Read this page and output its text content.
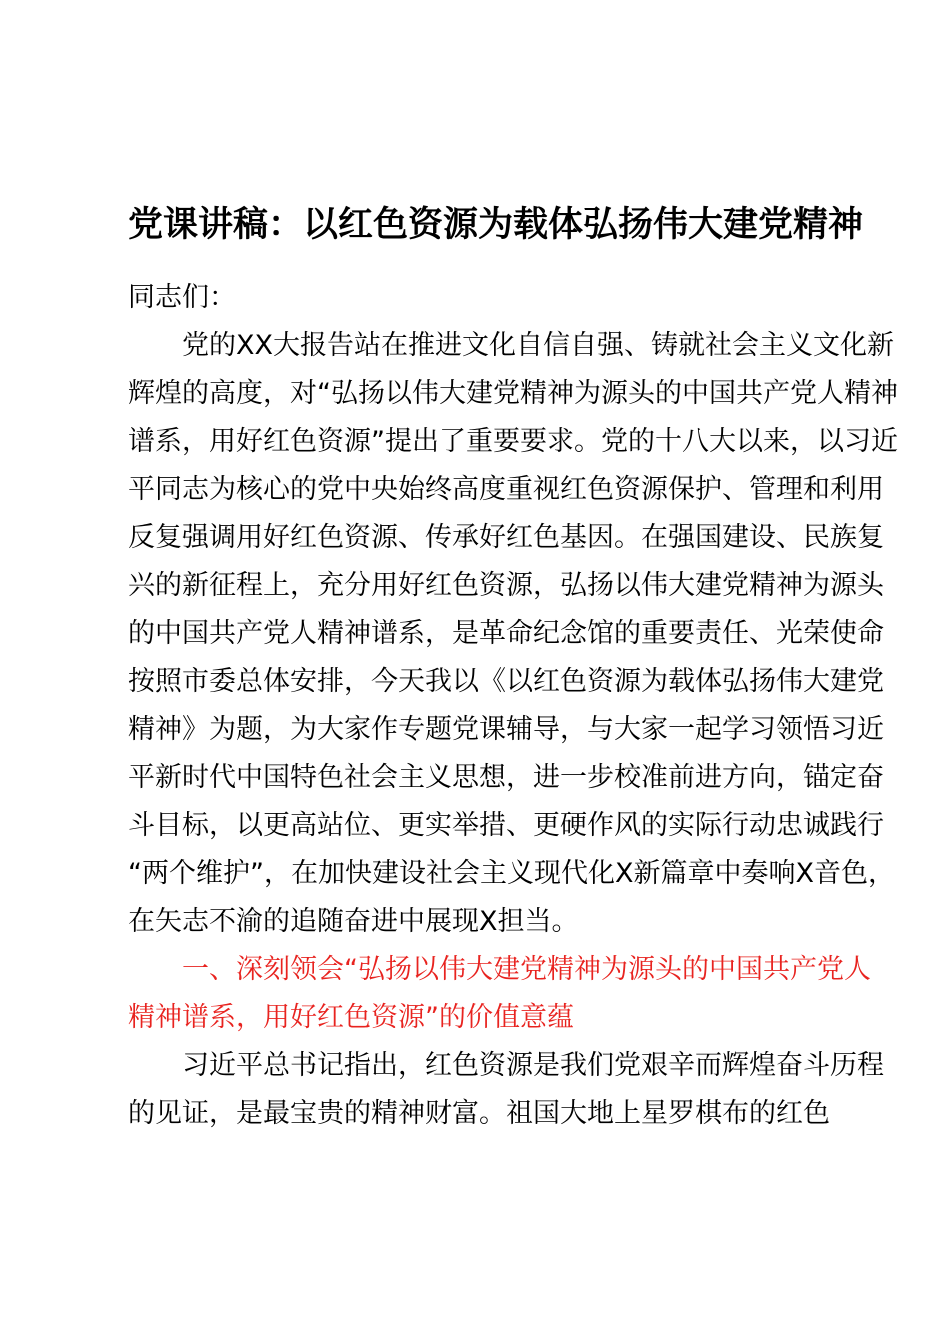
党课讲稿：以红色资源为载体弘扬伟大建党精神
同志们：
党的XX大报告站在推进文化自信自强、铸就社会主义文化新
辉煌的高度，对“弘扬以伟大建党精神为源头的中国共产党人精神
谱系，用好红色资源”提出了重要要求。党的十八大以来，以习近
平同志为核心的党中央始终高度重视红色资源保护、管理和利用
反复强调用好红色资源、传承好红色基因。在强国建设、民族复
兴的新征程上，充分用好红色资源，弘扬以伟大建党精神为源头
的中国共产党人精神谱系，是革命纪念馆的重要责任、光荣使命
按照市委总体安排，今天我以《以红色资源为载体弘扬伟大建党
精神》为题，为大家作专题党课辅导，与大家一起学习领悟习近
平新时代中国特色社会主义思想，进一步校准前进方向，锚定奋
斗目标，以更高站位、更实举措、更硬作风的实际行动忠诚践行
“两个维护”，在加快建设社会主义现代化X新篇章中奏响X音色，
在矢志不渝的追随奋进中展现X担当。
一、深刻领会“弘扬以伟大建党精神为源头的中国共产党人
精神谱系，用好红色资源”的价值意蕴
习近平总书记指出，红色资源是我们党艰辛而辉煌奋斗历程
的见证，是最宝贵的精神财富。祖国大地上星罗棋布的红色
